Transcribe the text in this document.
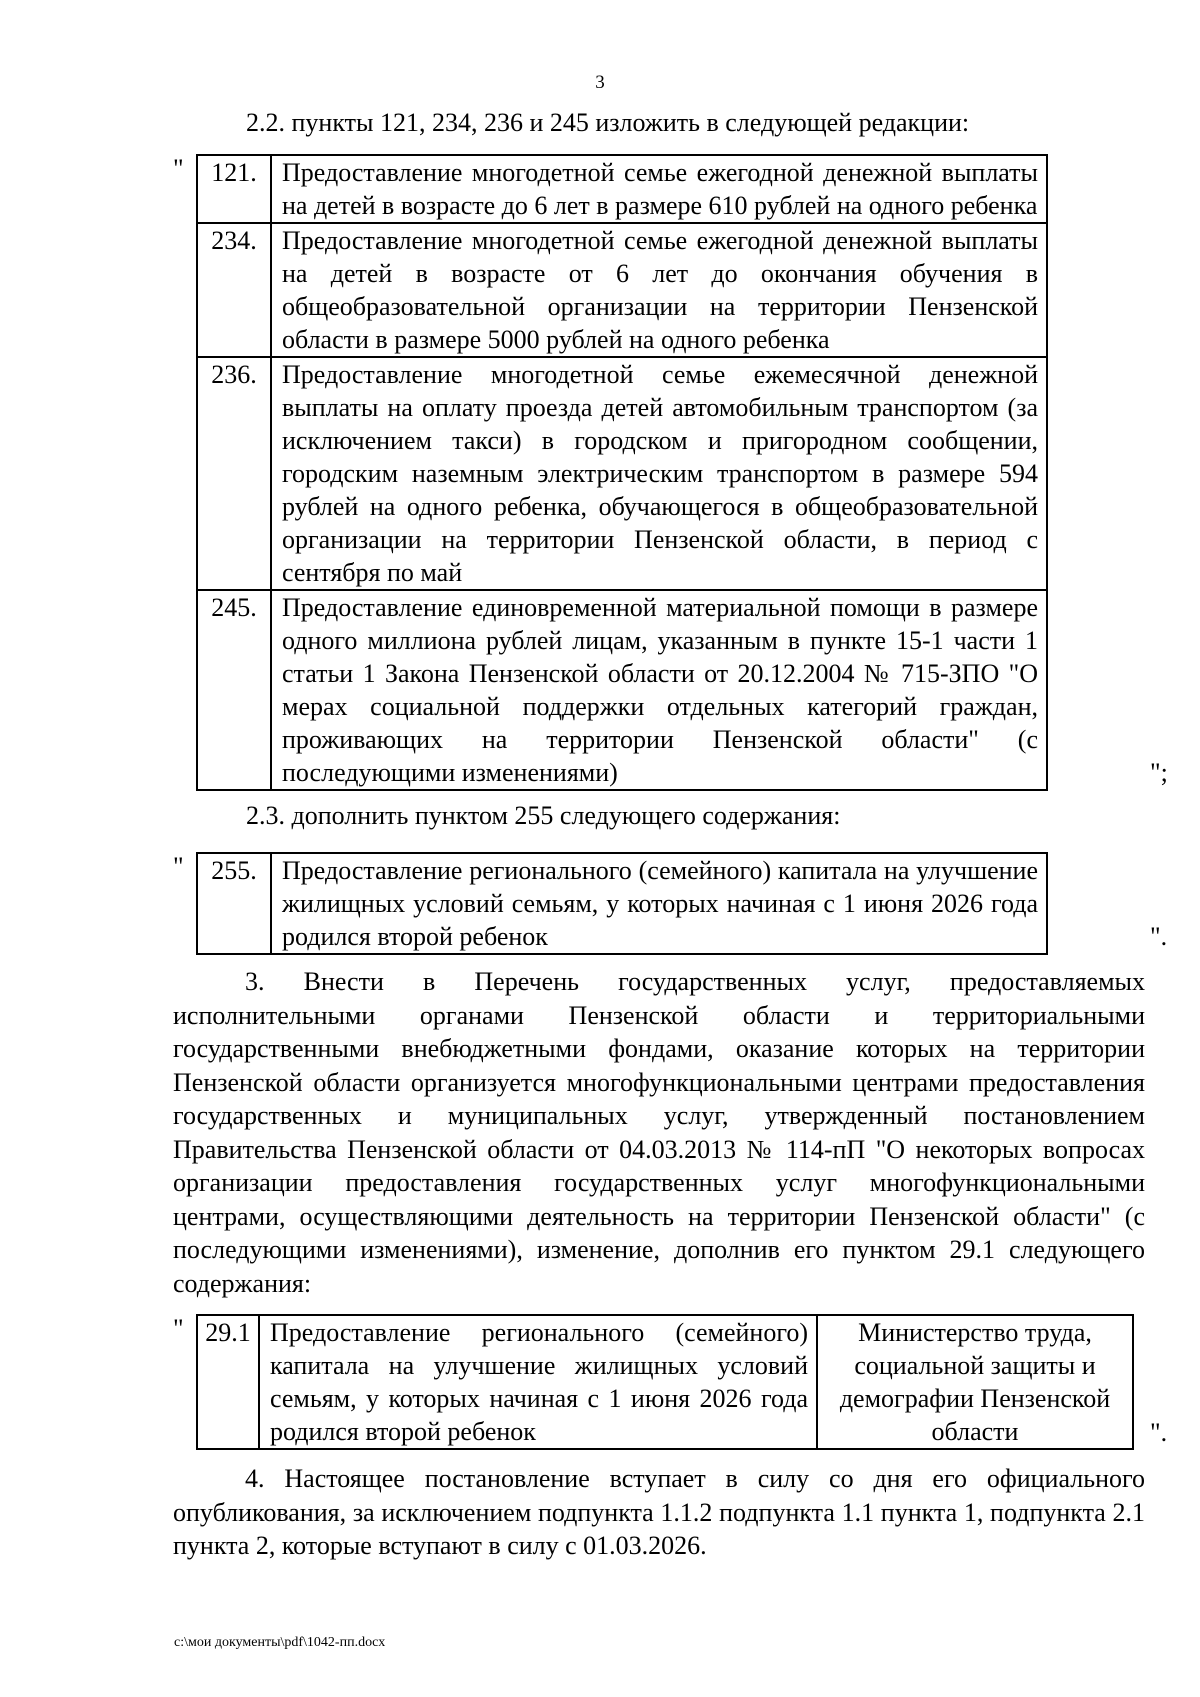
3
2.2. пункты 121, 234, 236 и 245 изложить в следующей редакции:
" 121.	Предоставление многодетной семье ежегодной денежной выплаты на детей в возрасте до 6 лет в размере 610 рублей на одного ребенка
234.	Предоставление многодетной семье ежегодной денежной выплаты на детей в возрасте от 6 лет до окончания обучения в общеобразовательной организации на территории Пензенской области в размере 5000 рублей на одного ребенка
236.	Предоставление многодетной семье ежемесячной денежной выплаты на оплату проезда детей автомобильным транспортом (за исключением такси) в городском и пригородном сообщении, городским наземным электрическим транспортом в размере 594 рублей на одного ребенка, обучающегося в общеобразовательной организации на территории Пензенской области, в период с сентября по май
245.	Предоставление единовременной материальной помощи в размере одного миллиона рублей лицам, указанным в пункте 15-1 части 1 статьи 1 Закона Пензенской области от 20.12.2004 № 715-ЗПО "О мерах социальной поддержки отдельных категорий граждан, проживающих на территории Пензенской области" (с последующими изменениями)	";
2.3. дополнить пунктом 255 следующего содержания:
" 255.	Предоставление регионального (семейного) капитала на улучшение жилищных условий семьям, у которых начиная с 1 июня 2026 года родился второй ребенок	".
3. Внести в Перечень государственных услуг, предоставляемых исполнительными органами Пензенской области и территориальными государственными внебюджетными фондами, оказание которых на территории Пензенской области организуется многофункциональными центрами предоставления государственных и муниципальных услуг, утвержденный постановлением Правительства Пензенской области от 04.03.2013 № 114-пП "О некоторых вопросах организации предоставления государственных услуг многофункциональными центрами, осуществляющими деятельность на территории Пензенской области" (с последующими изменениями), изменение, дополнив его пунктом 29.1 следующего содержания:
" 29.1	Предоставление регионального (семейного) капитала на улучшение жилищных условий семьям, у которых начиная с 1 июня 2026 года родился второй ребенок	Министерство труда, социальной защиты и демографии Пензенской области	".
4. Настоящее постановление вступает в силу со дня его официального опубликования, за исключением подпункта 1.1.2 подпункта 1.1 пункта 1, подпункта 2.1 пункта 2, которые вступают в силу с 01.03.2026.
c:\мои документы\pdf\1042-пп.docx
